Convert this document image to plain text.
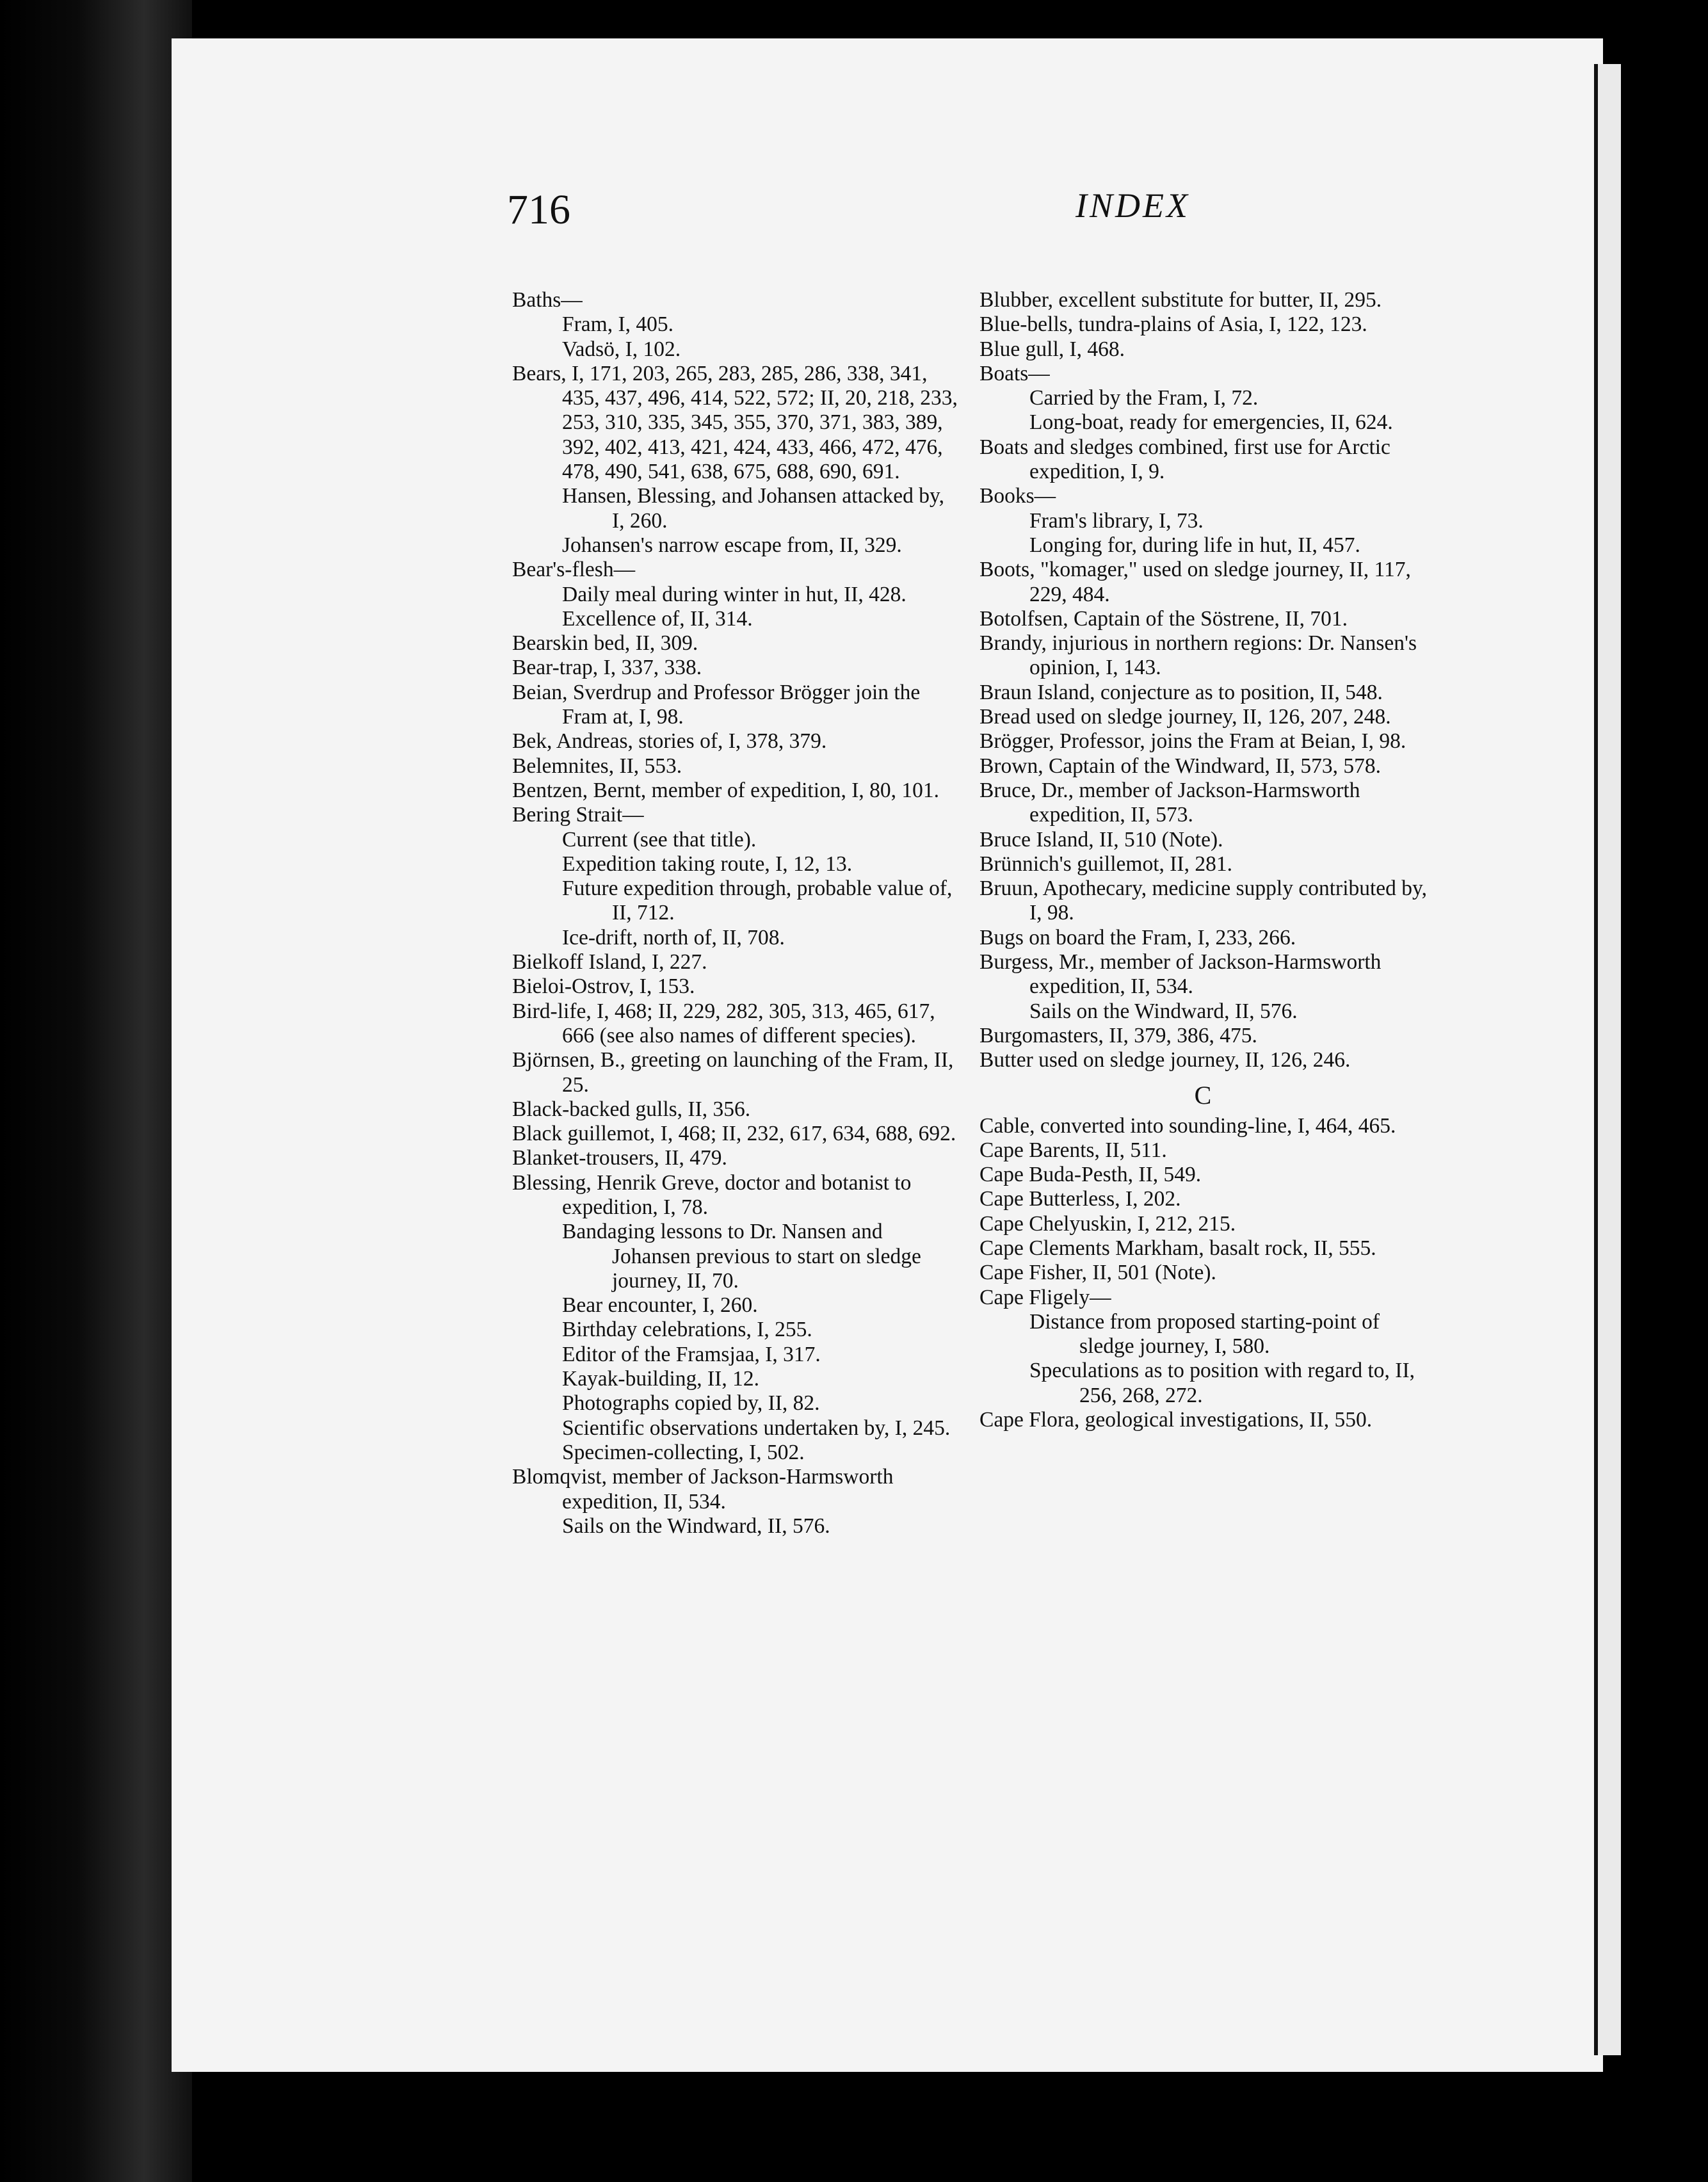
716	INDEX
Baths—
Fram, I, 405.
Vadsö, I, 102.
Bears, I, 171, 203, 265, 283, 285, 286, 338, 341, 435, 437, 496, 414, 522, 572; II, 20, 218, 233, 253, 310, 335, 345, 355, 370, 371, 383, 389, 392, 402, 413, 421, 424, 433, 466, 472, 476, 478, 490, 541, 638, 675, 688, 690, 691.
Hansen, Blessing, and Johansen attacked by, I, 260.
Johansen's narrow escape from, II, 329.
Bear's-flesh—
Daily meal during winter in hut, II, 428.
Excellence of, II, 314.
Bearskin bed, II, 309.
Bear-trap, I, 337, 338.
Beian, Sverdrup and Professor Brögger join the Fram at, I, 98.
Bek, Andreas, stories of, I, 378, 379.
Belemnites, II, 553.
Bentzen, Bernt, member of expedition, I, 80, 101.
Bering Strait—
Current (see that title).
Expedition taking route, I, 12, 13.
Future expedition through, probable value of, II, 712.
Ice-drift, north of, II, 708.
Bielkoff Island, I, 227.
Bieloi-Ostrov, I, 153.
Bird-life, I, 468; II, 229, 282, 305, 313, 465, 617, 666 (see also names of different species).
Björnsen, B., greeting on launching of the Fram, II, 25.
Black-backed gulls, II, 356.
Black guillemot, I, 468; II, 232, 617, 634, 688, 692.
Blanket-trousers, II, 479.
Blessing, Henrik Greve, doctor and botanist to expedition, I, 78.
Bandaging lessons to Dr. Nansen and Johansen previous to start on sledge journey, II, 70.
Bear encounter, I, 260.
Birthday celebrations, I, 255.
Editor of the Framsjaa, I, 317.
Kayak-building, II, 12.
Photographs copied by, II, 82.
Scientific observations undertaken by, I, 245.
Specimen-collecting, I, 502.
Blomqvist, member of Jackson-Harmsworth expedition, II, 534.
Sails on the Windward, II, 576.
Blubber, excellent substitute for butter, II, 295.
Blue-bells, tundra-plains of Asia, I, 122, 123.
Blue gull, I, 468.
Boats—
Carried by the Fram, I, 72.
Long-boat, ready for emergencies, II, 624.
Boats and sledges combined, first use for Arctic expedition, I, 9.
Books—
Fram's library, I, 73.
Longing for, during life in hut, II, 457.
Boots, "komager," used on sledge journey, II, 117, 229, 484.
Botolfsen, Captain of the Söstrene, II, 701.
Brandy, injurious in northern regions: Dr. Nansen's opinion, I, 143.
Braun Island, conjecture as to position, II, 548.
Bread used on sledge journey, II, 126, 207, 248.
Brögger, Professor, joins the Fram at Beian, I, 98.
Brown, Captain of the Windward, II, 573, 578.
Bruce, Dr., member of Jackson-Harmsworth expedition, II, 573.
Bruce Island, II, 510 (Note).
Brünnich's guillemot, II, 281.
Bruun, Apothecary, medicine supply contributed by, I, 98.
Bugs on board the Fram, I, 233, 266.
Burgess, Mr., member of Jackson-Harmsworth expedition, II, 534.
Sails on the Windward, II, 576.
Burgomasters, II, 379, 386, 475.
Butter used on sledge journey, II, 126, 246.
C
Cable, converted into sounding-line, I, 464, 465.
Cape Barents, II, 511.
Cape Buda-Pesth, II, 549.
Cape Butterless, I, 202.
Cape Chelyuskin, I, 212, 215.
Cape Clements Markham, basalt rock, II, 555.
Cape Fisher, II, 501 (Note).
Cape Fligely—
Distance from proposed starting-point of sledge journey, I, 580.
Speculations as to position with regard to, II, 256, 268, 272.
Cape Flora, geological investigations, II, 550.
